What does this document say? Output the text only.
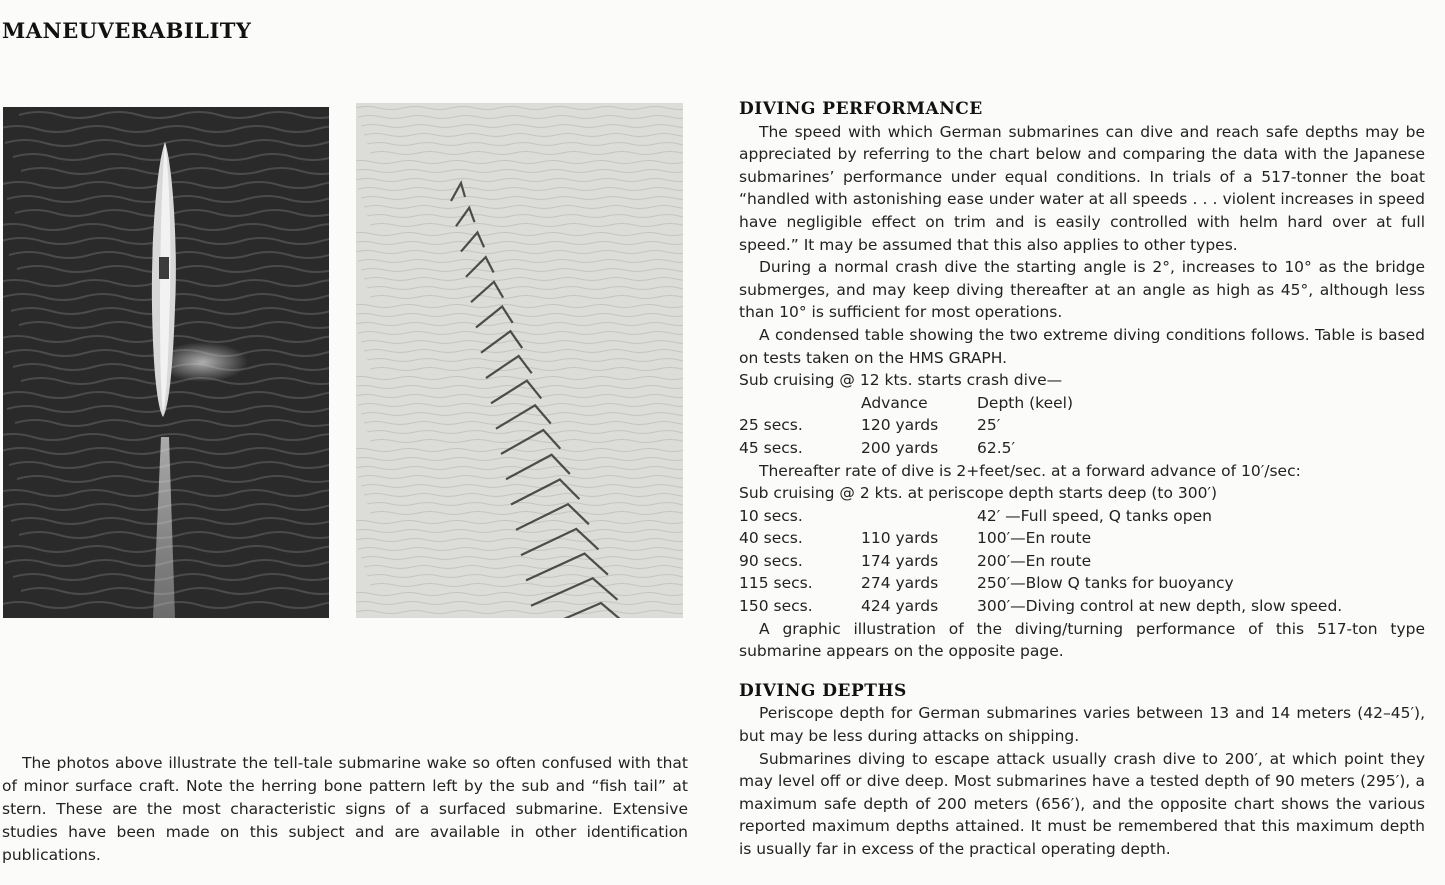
MANEUVERABILITY

The photos above illustrate the tell-tale submarine wake so often confused with that of minor surface craft. Note the herring bone pattern left by the sub and “fish tail” at stern. These are the most characteristic signs of a surfaced submarine. Extensive studies have been made on this subject and are available in other identification publications.

DIVING PERFORMANCE

The speed with which German submarines can dive and reach safe depths may be appreciated by referring to the chart below and comparing the data with the Japanese submarines’ performance under equal conditions. In trials of a 517-tonner the boat “handled with astonishing ease under water at all speeds . . . violent increases in speed have negligible effect on trim and is easily controlled with helm hard over at full speed.” It may be assumed that this also applies to other types.

During a normal crash dive the starting angle is 2°, increases to 10° as the bridge submerges, and may keep diving thereafter at an angle as high as 45°, although less than 10° is sufficient for most operations.

A condensed table showing the two extreme diving conditions follows. Table is based on tests taken on the HMS GRAPH.

Sub cruising @ 12 kts. starts crash dive—

	Advance	Depth (keel)
25 secs.	120 yards	25′
45 secs.	200 yards	62.5′

Thereafter rate of dive is 2+feet/sec. at a forward advance of 10′/sec:

Sub cruising @ 2 kts. at periscope depth starts deep (to 300′)

10 secs.		42′ —Full speed, Q tanks open
40 secs.	110 yards	100′—En route
90 secs.	174 yards	200′—En route
115 secs.	274 yards	250′—Blow Q tanks for buoyancy
150 secs.	424 yards	300′—Diving control at new depth, slow speed.

A graphic illustration of the diving/turning performance of this 517-ton type submarine appears on the opposite page.

DIVING DEPTHS

Periscope depth for German submarines varies between 13 and 14 meters (42–45′), but may be less during attacks on shipping.

Submarines diving to escape attack usually crash dive to 200′, at which point they may level off or dive deep. Most submarines have a tested depth of 90 meters (295′), a maximum safe depth of 200 meters (656′), and the opposite chart shows the various reported maximum depths attained. It must be remembered that this maximum depth is usually far in excess of the practical operating depth.
